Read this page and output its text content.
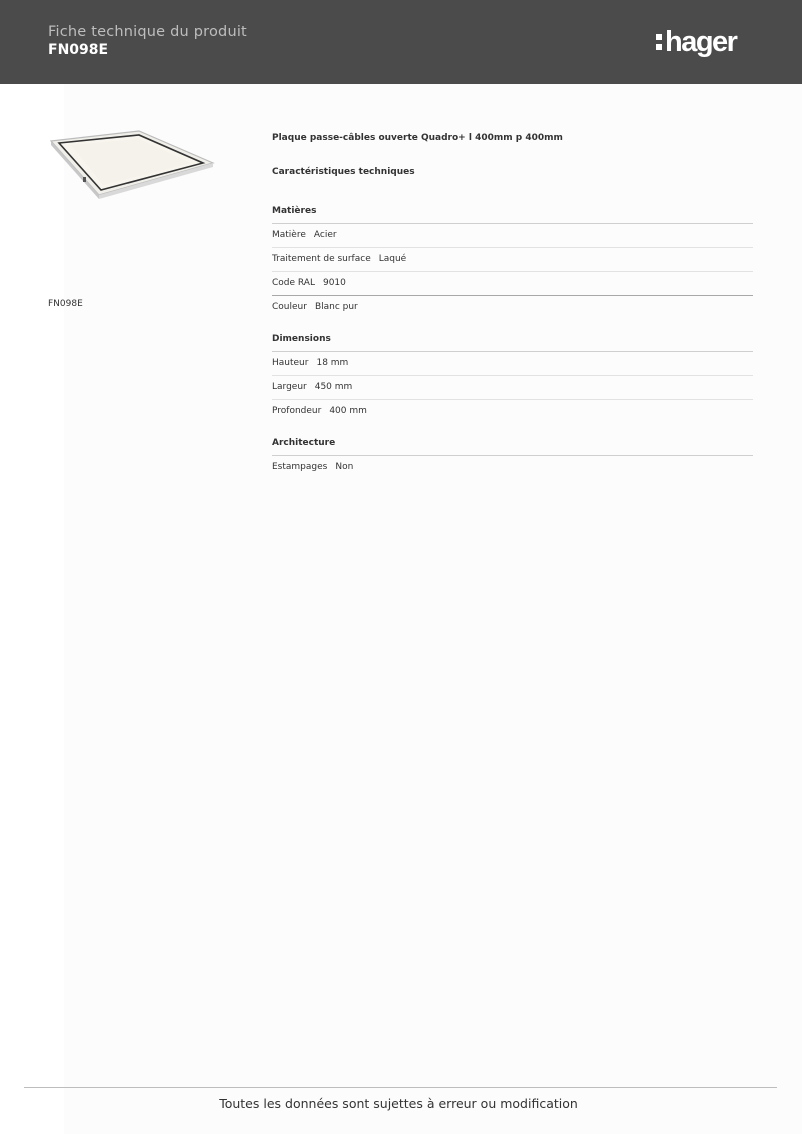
Fiche technique du produit
FN098E	hager
FN098E

Plaque passe-câbles ouverte Quadro+ l 400mm p 400mm

Caractéristiques techniques

Matières
Matière Acier
Traitement de surface Laqué
Code RAL 9010
Couleur Blanc pur
Dimensions
Hauteur 18 mm
Largeur 450 mm
Profondeur 400 mm
Architecture
Estampages Non
Toutes les données sont sujettes à erreur ou modification
